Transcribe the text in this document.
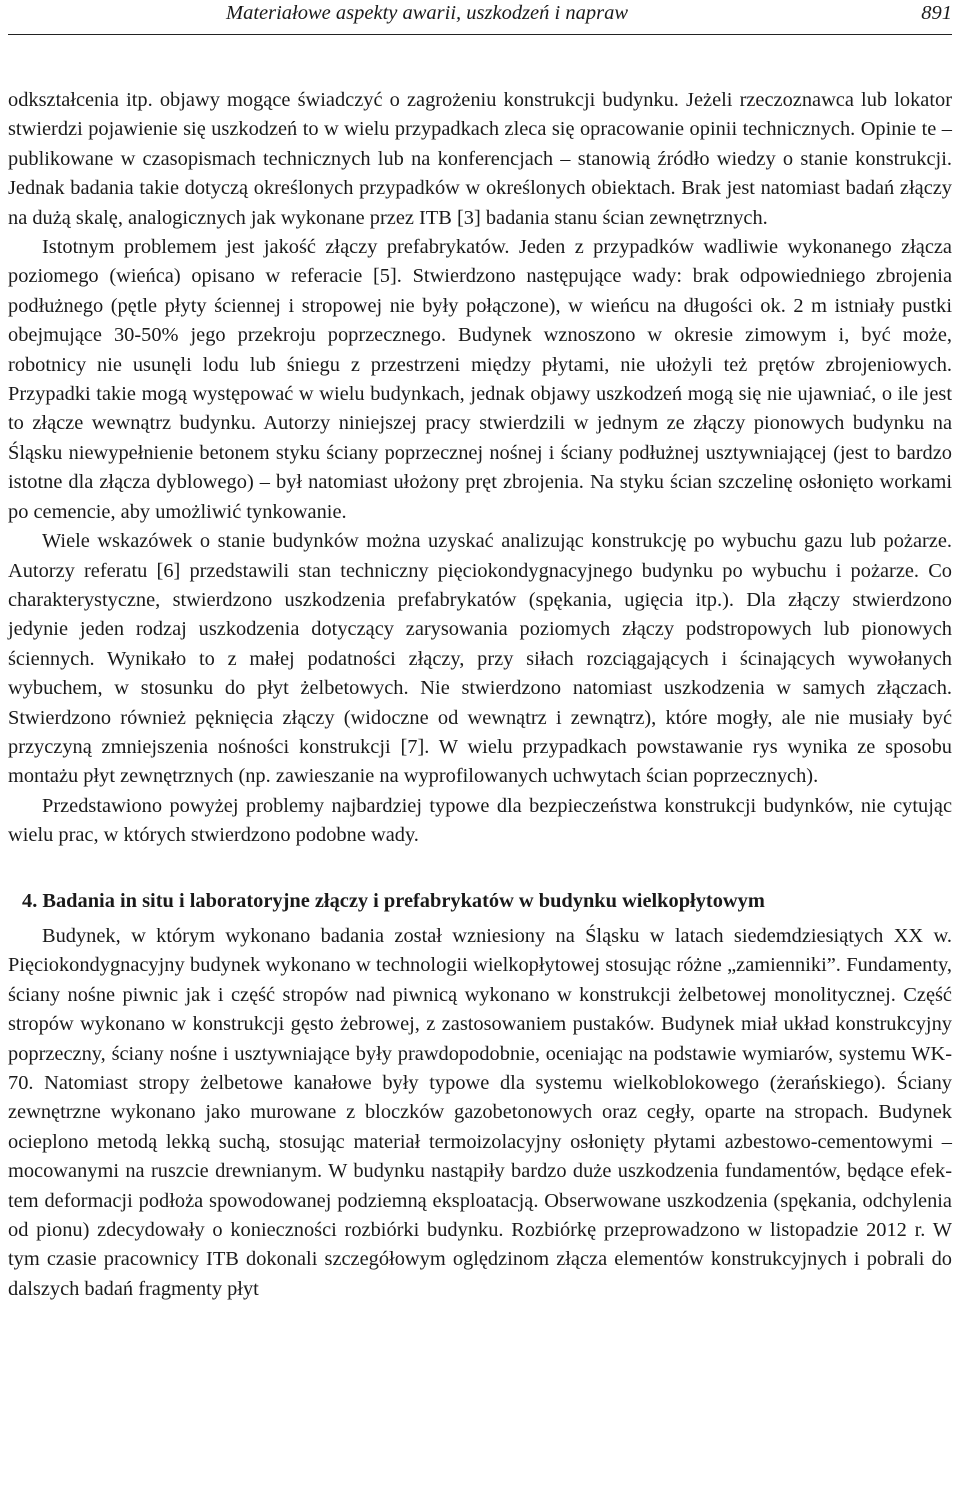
Materiałowe aspekty awarii, uszkodzeń i napraw	891

odkształcenia itp. objawy mogące świadczyć o zagrożeniu konstrukcji budynku. Jeżeli rzeczoznawca lub lokator stwierdzi pojawienie się uszkodzeń to w wielu przypadkach zleca się opracowanie opinii technicznych. Opinie te – publikowane w czasopismach technicznych lub na konferencjach – stanowią źródło wiedzy o stanie konstrukcji. Jednak badania takie dotyczą określonych przypadków w określonych obiektach. Brak jest natomiast badań złączy na dużą skalę, analogicznych jak wykonane przez ITB [3] badania stanu ścian zewnętrznych.

Istotnym problemem jest jakość złączy prefabrykatów. Jeden z przypadków wadliwie wykonanego złącza poziomego (wieńca) opisano w referacie [5]. Stwierdzono następujące wady: brak odpowiedniego zbrojenia podłużnego (pętle płyty ściennej i stropowej nie były połączone), w wieńcu na długości ok. 2 m istniały pustki obejmujące 30-50% jego przekroju poprzecznego. Budynek wznoszono w okresie zimowym i, być może, robotnicy nie usunęli lodu lub śniegu z przestrzeni między płytami, nie ułożyli też prętów zbrojeniowych. Przypadki takie mogą występować w wielu budynkach, jednak objawy uszkodzeń mogą się nie ujawniać, o ile jest to złącze wewnątrz budynku. Autorzy niniejszej pracy stwierdzili w jednym ze złączy pionowych budynku na Śląsku niewypełnienie betonem styku ściany poprzecznej nośnej i ściany podłużnej usztywniającej (jest to bardzo istotne dla złącza dyblowego) – był natomiast ułożony pręt zbrojenia. Na styku ścian szczelinę osłonięto workami po cemencie, aby umożliwić tynkowanie.

Wiele wskazówek o stanie budynków można uzyskać analizując konstrukcję po wybuchu gazu lub pożarze. Autorzy referatu [6] przedstawili stan techniczny pięciokondygnacyjnego budynku po wybuchu i pożarze. Co charakterystyczne, stwierdzono uszkodzenia prefabrykatów (spękania, ugięcia itp.). Dla złączy stwierdzono jedynie jeden rodzaj uszkodzenia dotyczący zarysowania poziomych złączy podstropowych lub pionowych ściennych. Wynikało to z małej podatności złączy, przy siłach rozciągających i ścinających wywołanych wybuchem, w stosunku do płyt żelbetowych. Nie stwierdzono natomiast uszkodzenia w samych złączach. Stwierdzono również pęknięcia złączy (widoczne od wewnątrz i zewnątrz), które mogły, ale nie musiały być przyczyną zmniejszenia nośności konstrukcji [7]. W wielu przypadkach powstawanie rys wynika ze sposobu montażu płyt zewnętrznych (np. zawieszanie na wyprofilowanych uchwytach ścian poprzecznych).

Przedstawiono powyżej problemy najbardziej typowe dla bezpieczeństwa konstrukcji budynków, nie cytując wielu prac, w których stwierdzono podobne wady.

4. Badania in situ i laboratoryjne złączy i prefabrykatów w budynku wielkopłytowym

Budynek, w którym wykonano badania został wzniesiony na Śląsku w latach siedemdziesiątych XX w. Pięciokondygnacyjny budynek wykonano w technologii wielkopłytowej stosując różne „zamienniki”. Fundamenty, ściany nośne piwnic jak i część stropów nad piwnicą wykonano w konstrukcji żelbetowej monolitycznej. Część stropów wykonano w konstrukcji gęsto żebrowej, z zastosowaniem pustaków. Budynek miał układ konstrukcyjny poprzeczny, ściany nośne i usztywniające były prawdopodobnie, oceniając na podstawie wymiarów, systemu WK-70. Natomiast stropy żelbetowe kanałowe były typowe dla systemu wielkoblokowego (żerańskiego). Ściany zewnętrzne wykonano jako murowane z bloczków gazobetonowych oraz cegły, oparte na stropach. Budynek ocieplono metodą lekką suchą, stosując materiał termoizolacyjny osłonięty płytami azbestowo-cementowymi – mocowanymi na ruszcie drewnianym. W budynku nastąpiły bardzo duże uszkodzenia fundamentów, będące efektem deformacji podłoża spowodowanej podziemną eksploatacją. Obserwowane uszkodzenia (spękania, odchylenia od pionu) zdecydowały o konieczności rozbiórki budynku. Rozbiórkę przeprowadzono w listopadzie 2012 r. W tym czasie pracownicy ITB dokonali szczegółowym oględzinom złącza elementów konstrukcyjnych i pobrali do dalszych badań fragmenty płyt
